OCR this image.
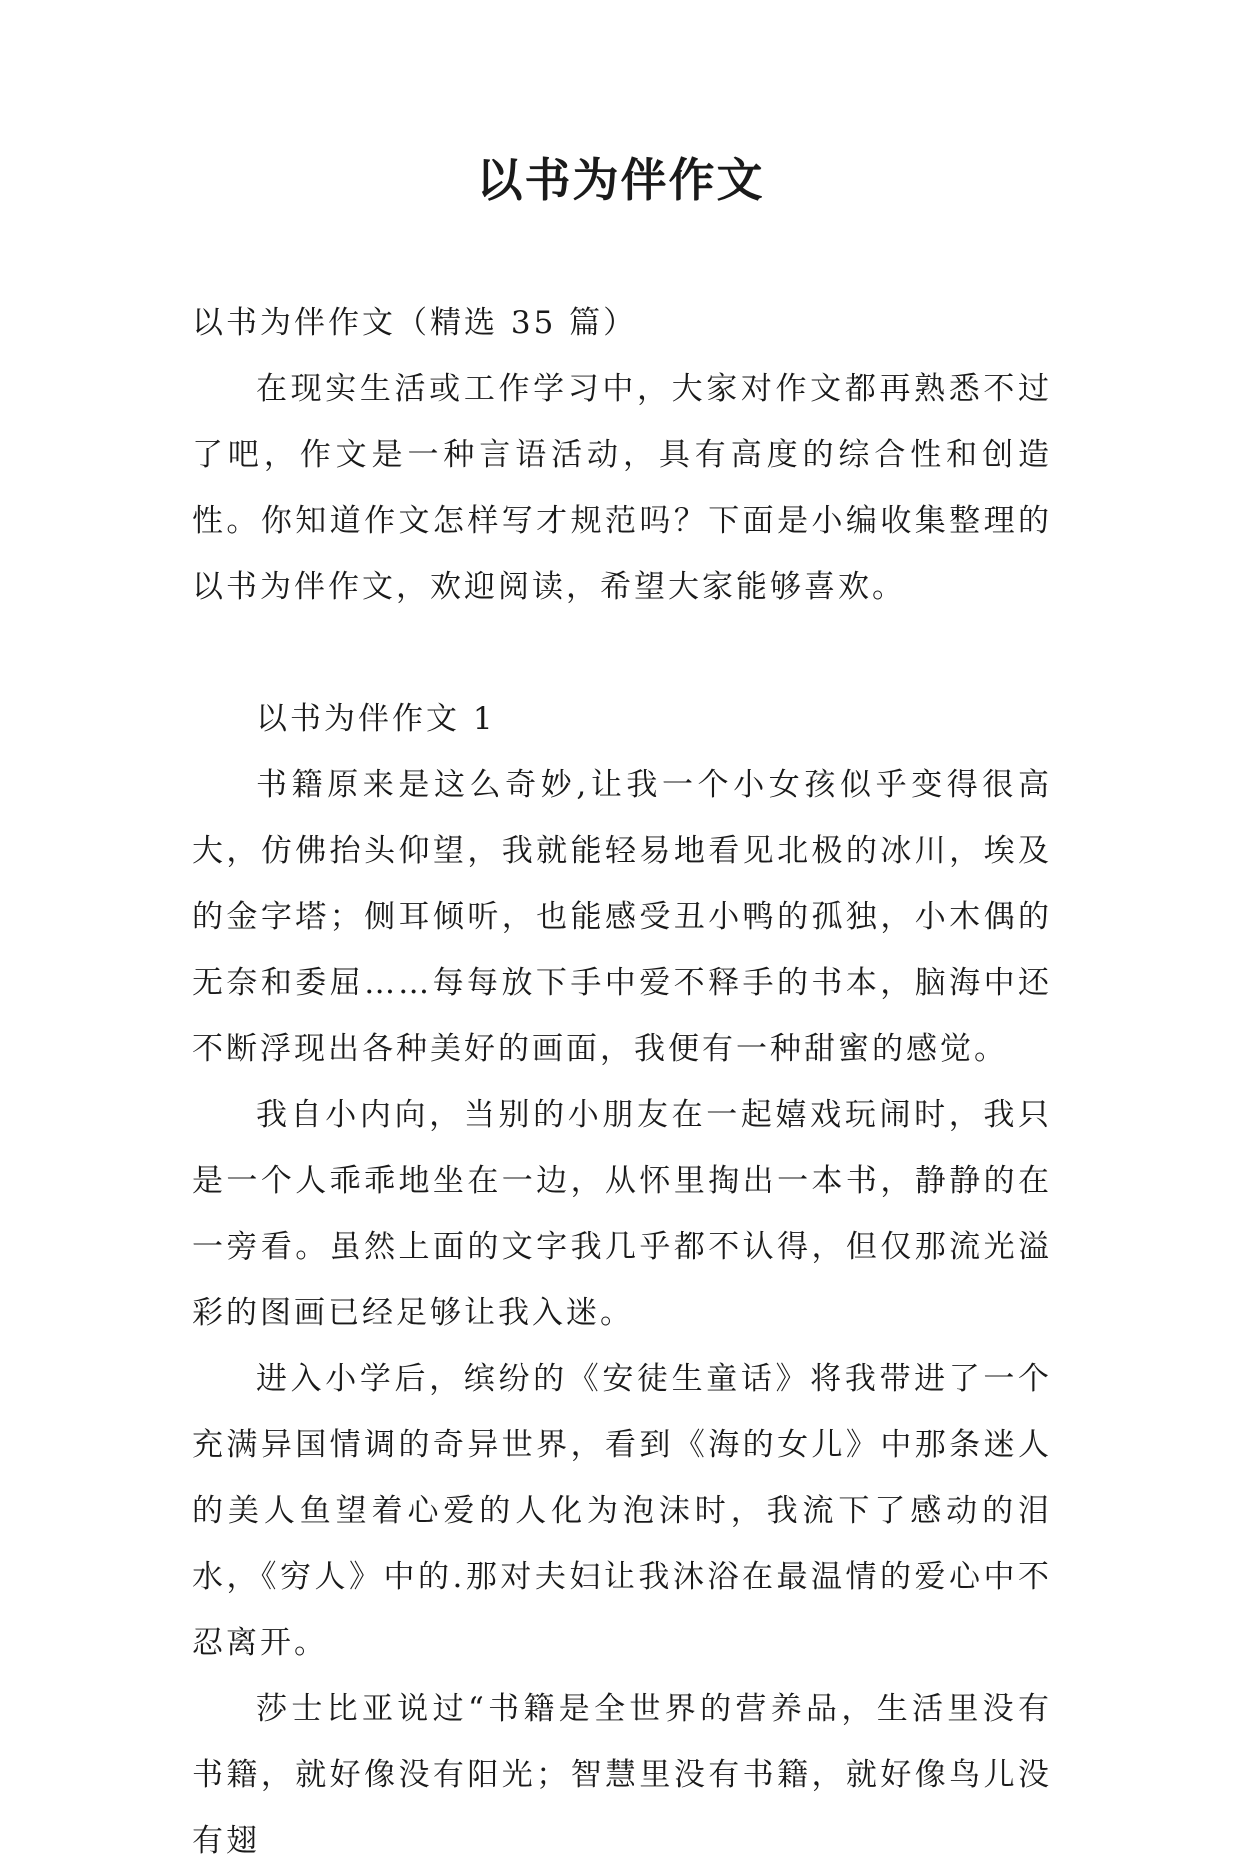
以书为伴作文

以书为伴作文（精选 35 篇）

在现实生活或工作学习中，大家对作文都再熟悉不过了吧，作文是一种言语活动，具有高度的综合性和创造性。你知道作文怎样写才规范吗？下面是小编收集整理的以书为伴作文，欢迎阅读，希望大家能够喜欢。

以书为伴作文 1

书籍原来是这么奇妙,让我一个小女孩似乎变得很高大，仿佛抬头仰望，我就能轻易地看见北极的冰川，埃及的金字塔；侧耳倾听，也能感受丑小鸭的孤独，小木偶的无奈和委屈……每每放下手中爱不释手的书本，脑海中还不断浮现出各种美好的画面，我便有一种甜蜜的感觉。

我自小内向，当别的小朋友在一起嬉戏玩闹时，我只是一个人乖乖地坐在一边，从怀里掏出一本书，静静的在一旁看。虽然上面的文字我几乎都不认得，但仅那流光溢彩的图画已经足够让我入迷。

进入小学后，缤纷的《安徒生童话》将我带进了一个充满异国情调的奇异世界，看到《海的女儿》中那条迷人的美人鱼望着心爱的人化为泡沫时，我流下了感动的泪水，《穷人》中的.那对夫妇让我沐浴在最温情的爱心中不忍离开。

莎士比亚说过“书籍是全世界的营养品，生活里没有书籍，就好像没有阳光；智慧里没有书籍，就好像鸟儿没有翅
